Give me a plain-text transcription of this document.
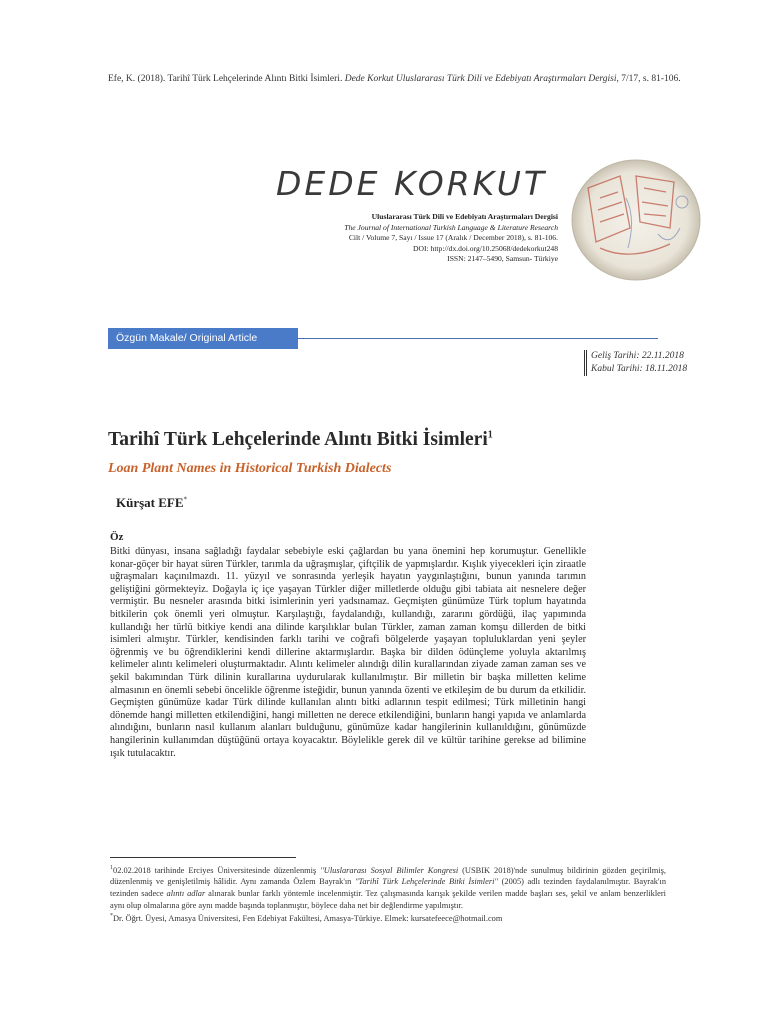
Efe, K. (2018). Tarihî Türk Lehçelerinde Alıntı Bitki İsimleri. Dede Korkut Uluslararası Türk Dili ve Edebiyatı Araştırmaları Dergisi, 7/17, s. 81-106.
DEDE KORKUT
Uluslararası Türk Dili ve Edebiyatı Araştırmaları Dergisi
The Journal of International Turkish Language & Literature Research
Cilt / Volume 7, Sayı / Issue 17 (Aralık / December 2018), s. 81-106.
DOI: http://dx.doi.org/10.25068/dedekorkut248
ISSN: 2147–5490, Samsun- Türkiye
Özgün Makale/ Original Article
Geliş Tarihi: 22.11.2018
Kabul Tarihi: 18.11.2018
Tarihî Türk Lehçelerinde Alıntı Bitki İsimleri$^1$
Loan Plant Names in Historical Turkish Dialects
Kürşat EFE*
Öz
Bitki dünyası, insana sağladığı faydalar sebebiyle eski çağlardan bu yana önemini hep korumuştur. Genellikle konar-göçer bir hayat süren Türkler, tarımla da uğraşmışlar, çiftçilik de yapmışlardır. Kışlık yiyecekleri için ziraatle uğraşmaları kaçınılmazdı. 11. yüzyıl ve sonrasında yerleşik hayatın yaygınlaştığını, bunun yanında tarımın geliştiğini görmekteyiz. Doğayla iç içe yaşayan Türkler diğer milletlerde olduğu gibi tabiata ait nesnelere değer vermiştir. Bu nesneler arasında bitki isimlerinin yeri yadsınamaz. Geçmişten günümüze Türk toplum hayatında bitkilerin çok önemli yeri olmuştur. Karşılaştığı, faydalandığı, kullandığı, zararını gördüğü, ilaç yapımında kullandığı her türlü bitkiye kendi ana dilinde karşılıklar bulan Türkler, zaman zaman komşu dillerden de bitki isimleri almıştır. Türkler, kendisinden farklı tarihi ve coğrafi bölgelerde yaşayan topluluklardan yeni şeyler öğrenmiş ve bu öğrendiklerini kendi dillerine aktarmışlardır. Başka bir dilden ödünçleme yoluyla aktarılmış kelimeler alıntı kelimeleri oluşturmaktadır. Alıntı kelimeler alındığı dilin kurallarından ziyade zaman zaman ses ve şekil bakımından Türk dilinin kurallarına uydurularak kullanılmıştır. Bir milletin bir başka milletten kelime almasının en önemli sebebi öncelikle öğrenme isteğidir, bunun yanında özenti ve etkileşim de bu durum da etkilidir. Geçmişten günümüze kadar Türk dilinde kullanılan alıntı bitki adlarının tespit edilmesi; Türk milletinin hangi dönemde hangi milletten etkilendiğini, hangi milletten ne derece etkilendiğini, bunların hangi yapıda ve anlamlarda alındığını, bunların nasıl kullanım alanları bulduğunu, günümüze kadar hangilerinin kullanıldığını, günümüzde hangilerinin kullanımdan düştüğünü ortaya koyacaktır. Böylelikle gerek dil ve kültür tarihine gerekse ad bilimine ışık tutulacaktır.

$^1$02.02.2018 tarihinde Erciyes Üniversitesinde düzenlenmiş ''Uluslararası Sosyal Bilimler Kongresi (USBIK 2018)'nde sunulmuş bildirinin gözden geçirilmiş, düzenlenmiş ve genişletilmiş hâlidir. Aynı zamanda Özlem Bayrak'ın ''Tarihî Türk Lehçelerinde Bitki İsimleri'' (2005) adlı tezinden faydalanılmıştır. Bayrak'ın tezinden sadece alıntı adlar alınarak bunlar farklı yöntemle incelenmiştir. Tez çalışmasında karışık şekilde verilen madde başları ses, şekil ve anlam benzerlikleri aynı olup olmalarına göre aynı madde başında toplanmıştır, böylece daha net bir değlendirme yapılmıştır.

*Dr. Öğrt. Üyesi, Amasya Üniversitesi, Fen Edebiyat Fakültesi, Amasya-Türkiye. Elmek: kursatefeece@hotmail.com
